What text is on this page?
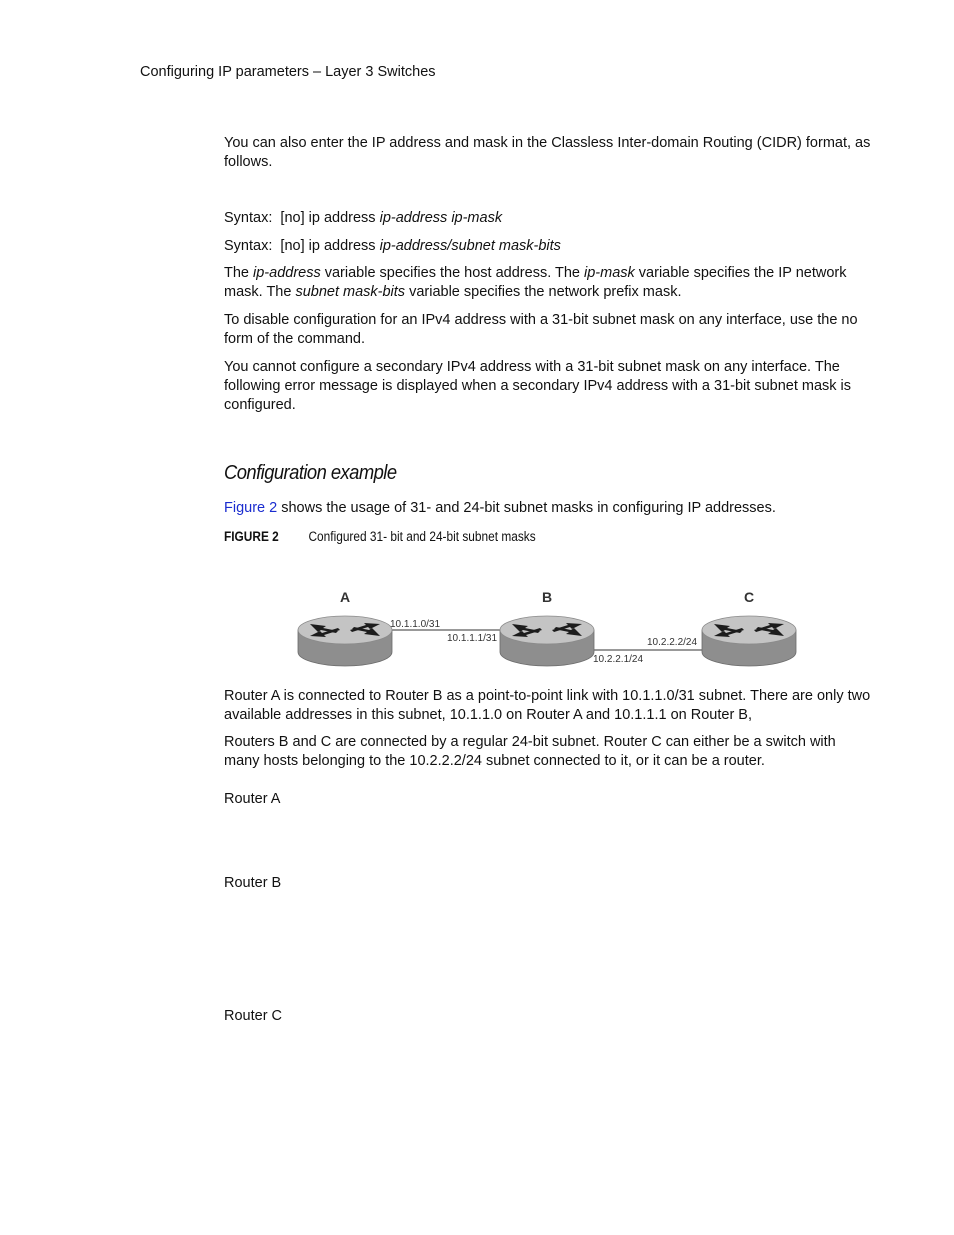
Configuring IP parameters – Layer 3 Switches

You can also enter the IP address and mask in the Classless Inter-domain Routing (CIDR) format, as follows.

Syntax: [no] ip address ip-address ip-mask

Syntax: [no] ip address ip-address/subnet mask-bits

The ip-address variable specifies the host address. The ip-mask variable specifies the IP network mask. The subnet mask-bits variable specifies the network prefix mask.

To disable configuration for an IPv4 address with a 31-bit subnet mask on any interface, use the no form of the command.

You cannot configure a secondary IPv4 address with a 31-bit subnet mask on any interface. The following error message is displayed when a secondary IPv4 address with a 31-bit subnet mask is configured.

Configuration example

Figure 2 shows the usage of 31- and 24-bit subnet masks in configuring IP addresses.

FIGURE 2 Configured 31- bit and 24-bit subnet masks
A	B	C
10.1.1.0/31
10.1.1.1/31	10.2.2.2/24
10.2.2.1/24

Router A is connected to Router B as a point-to-point link with 10.1.1.0/31 subnet. There are only two available addresses in this subnet, 10.1.1.0 on Router A and 10.1.1.1 on Router B,

Routers B and C are connected by a regular 24-bit subnet. Router C can either be a switch with many hosts belonging to the 10.2.2.2/24 subnet connected to it, or it can be a router.

Router A
Router B
Router C
